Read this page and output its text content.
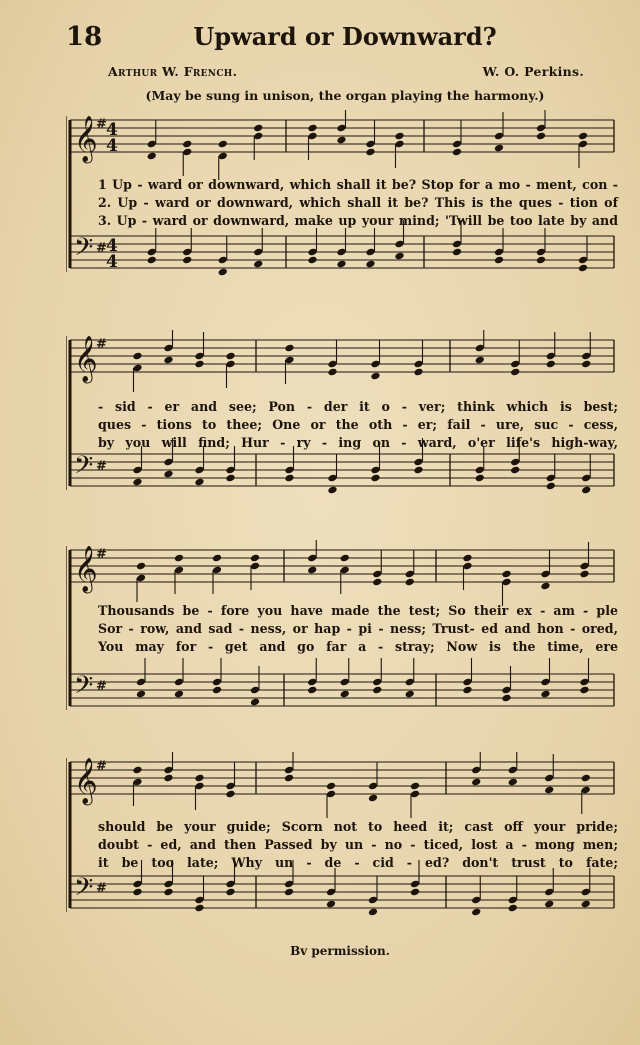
18	Upward or Downward?
Arthur W. French.	W. O. Perkins.
(May be sung in unison, the organ playing the harmony.)
𝄞
# 4
4
𝄢 # 4
4
1 Up - ward or downward, which shall it be? Stop for a mo - ment, con -
2. Up - ward or downward, which shall it be? This is the ques - tion of
3. Up - ward or downward, make up your mind; 'Twill be too late by and
𝄞
#
𝄢 #
- sid - er and see; Pon - der it o - ver; think which is best;
ques - tions to thee; One or the oth - er; fail - ure, suc - cess,
by you will find; Hur - ry - ing on - ward, o'er life's high-way,
𝄞
#
𝄢 #
Thousands be - fore you have made the test; So their ex - am - ple
Sor - row, and sad - ness, or hap - pi - ness; Trust- ed and hon - ored,
You may for - get and go far a - stray; Now is the time, ere
𝄞
#
𝄢 #
should be your guide; Scorn not to heed it; cast off your pride;
doubt - ed, and then Passed by un - no - ticed, lost a - mong men;
it be too late; Why un - de - cid - ed? don't trust to fate;
Bv permission.
